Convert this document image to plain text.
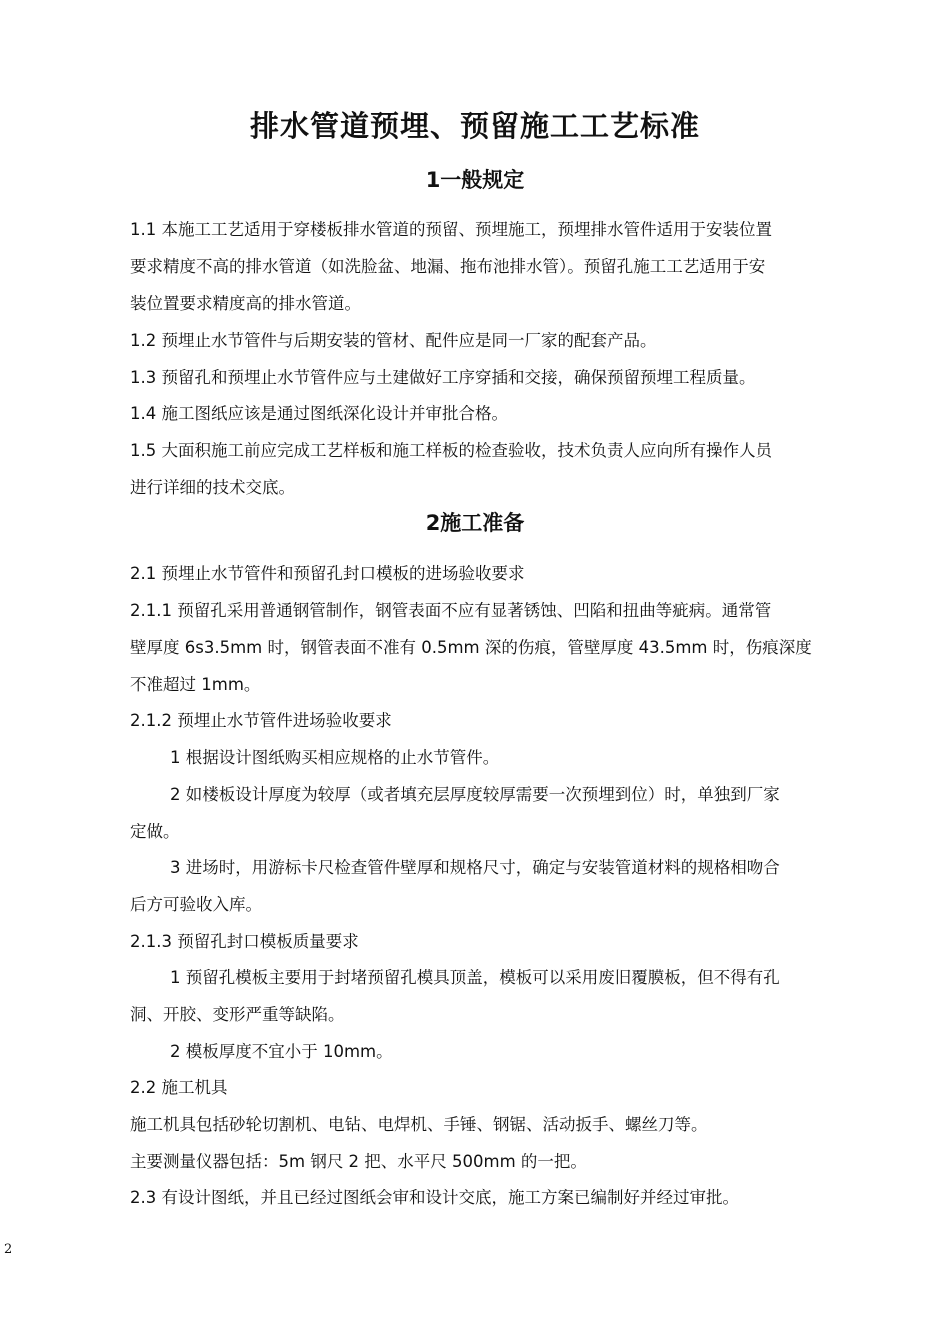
排水管道预埋、预留施工工艺标准
1一般规定
1.1 本施工工艺适用于穿楼板排水管道的预留、预埋施工，预埋排水管件适用于安装位置
要求精度不高的排水管道（如洗脸盆、地漏、拖布池排水管）。预留孔施工工艺适用于安
装位置要求精度高的排水管道。
1.2 预埋止水节管件与后期安装的管材、配件应是同一厂家的配套产品。
1.3 预留孔和预埋止水节管件应与土建做好工序穿插和交接，确保预留预埋工程质量。
1.4 施工图纸应该是通过图纸深化设计并审批合格。
1.5 大面积施工前应完成工艺样板和施工样板的检查验收，技术负责人应向所有操作人员
进行详细的技术交底。
2施工准备
2.1 预埋止水节管件和预留孔封口模板的进场验收要求
2.1.1 预留孔采用普通钢管制作，钢管表面不应有显著锈蚀、凹陷和扭曲等疵病。通常管
壁厚度 6s3.5mm 时，钢管表面不准有 0.5mm 深的伤痕，管壁厚度 43.5mm 时，伤痕深度
不准超过 1mm。
2.1.2 预埋止水节管件进场验收要求
1 根据设计图纸购买相应规格的止水节管件。
2 如楼板设计厚度为较厚（或者填充层厚度较厚需要一次预埋到位）时，单独到厂家
定做。
3 进场时，用游标卡尺检查管件壁厚和规格尺寸，确定与安装管道材料的规格相吻合
后方可验收入库。
2.1.3 预留孔封口模板质量要求
1 预留孔模板主要用于封堵预留孔模具顶盖，模板可以采用废旧覆膜板，但不得有孔
洞、开胶、变形严重等缺陷。
2 模板厚度不宜小于 10mm。
2.2 施工机具
施工机具包括砂轮切割机、电钻、电焊机、手锤、钢锯、活动扳手、螺丝刀等。
主要测量仪器包括：5m 钢尺 2 把、水平尺 500mm 的一把。
2.3 有设计图纸，并且已经过图纸会审和设计交底，施工方案已编制好并经过审批。
2
